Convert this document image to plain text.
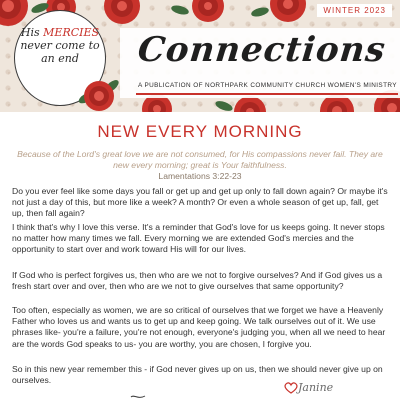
WINTER 2023
Connections
A PUBLICATION OF NORTHPARK COMMUNITY CHURCH WOMEN'S MINISTRY
His MERCIES
never come to
an end
NEW EVERY MORNING
Because of the Lord's great love we are not consumed, for His compassions never fail. They are new every morning; great is Your faithfulness.
Lamentations 3:22-23
Do you ever feel like some days you fall or get up and get up only to fall down again? Or maybe it's not just a day of this, but more like a week? A month? Or even a whole season of get up, fall, get up, then fall again?
I think that's why I love this verse. It's a reminder that God's love for us keeps going. It never stops no matter how many times we fall. Every morning we are extended God's mercies and the opportunity to start over and work toward His will for our lives.
If God who is perfect forgives us, then who are we not to forgive ourselves? And if God gives us a fresh start over and over, then who are we not to give ourselves that same opportunity?
Too often, especially as women, we are so critical of ourselves that we forget we have a Heavenly Father who loves us and wants us to get up and keep going. We talk ourselves out of it. We use phrases like- you're a failure, you're not enough, everyone's judging you, when all we need to hear are the words God speaks to us- you are worthy, you are chosen, I forgive you.
So in this new year remember this - if God never gives up on us, then we should never give up on ourselves.
Janine
